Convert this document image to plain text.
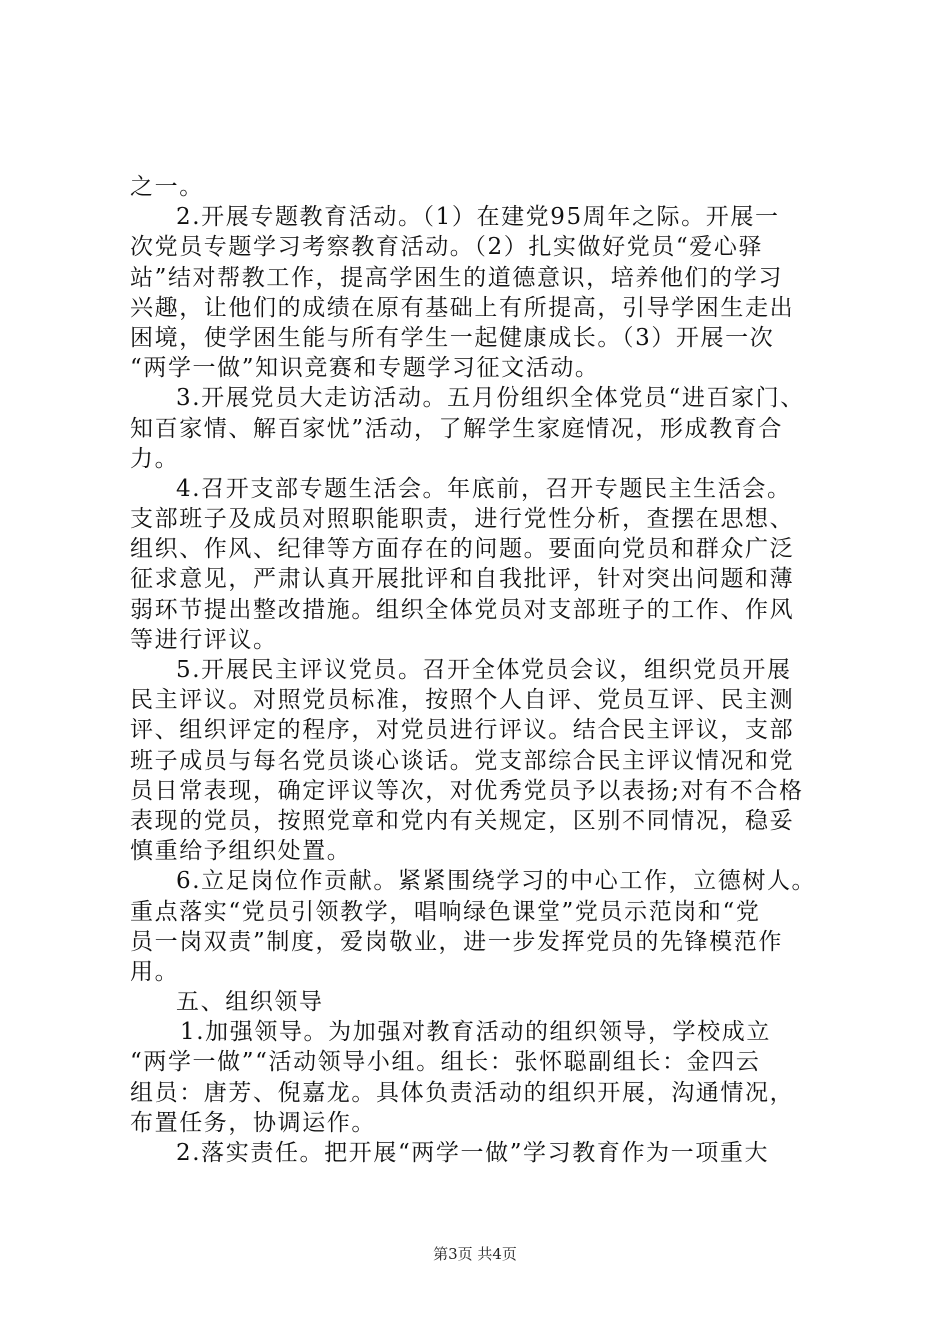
之一。
2.开展专题教育活动。（1）在建党95周年之际。开展一
次党员专题学习考察教育活动。（2）扎实做好党员“爱心驿
站”结对帮教工作，提高学困生的道德意识，培养他们的学习
兴趣，让他们的成绩在原有基础上有所提高，引导学困生走出
困境，使学困生能与所有学生一起健康成长。（3）开展一次
“两学一做”知识竞赛和专题学习征文活动。
3.开展党员大走访活动。五月份组织全体党员“进百家门、
知百家情、解百家忧”活动，了解学生家庭情况，形成教育合
力。
4.召开支部专题生活会。年底前，召开专题民主生活会。
支部班子及成员对照职能职责，进行党性分析，查摆在思想、
组织、作风、纪律等方面存在的问题。要面向党员和群众广泛
征求意见，严肃认真开展批评和自我批评，针对突出问题和薄
弱环节提出整改措施。组织全体党员对支部班子的工作、作风
等进行评议。
5.开展民主评议党员。召开全体党员会议，组织党员开展
民主评议。对照党员标准，按照个人自评、党员互评、民主测
评、组织评定的程序，对党员进行评议。结合民主评议，支部
班子成员与每名党员谈心谈话。党支部综合民主评议情况和党
员日常表现，确定评议等次，对优秀党员予以表扬;对有不合格
表现的党员，按照党章和党内有关规定，区别不同情况，稳妥
慎重给予组织处置。
6.立足岗位作贡献。紧紧围绕学习的中心工作，立德树人。
重点落实“党员引领教学，唱响绿色课堂”党员示范岗和“党
员一岗双责”制度，爱岗敬业，进一步发挥党员的先锋模范作
用。
五、组织领导
1.加强领导。为加强对教育活动的组织领导，学校成立
“两学一做”“活动领导小组。组长：张怀聪副组长：金四云
组员：唐芳、倪嘉龙。具体负责活动的组织开展，沟通情况，
布置任务，协调运作。
2.落实责任。把开展“两学一做”学习教育作为一项重大
第3页 共4页
